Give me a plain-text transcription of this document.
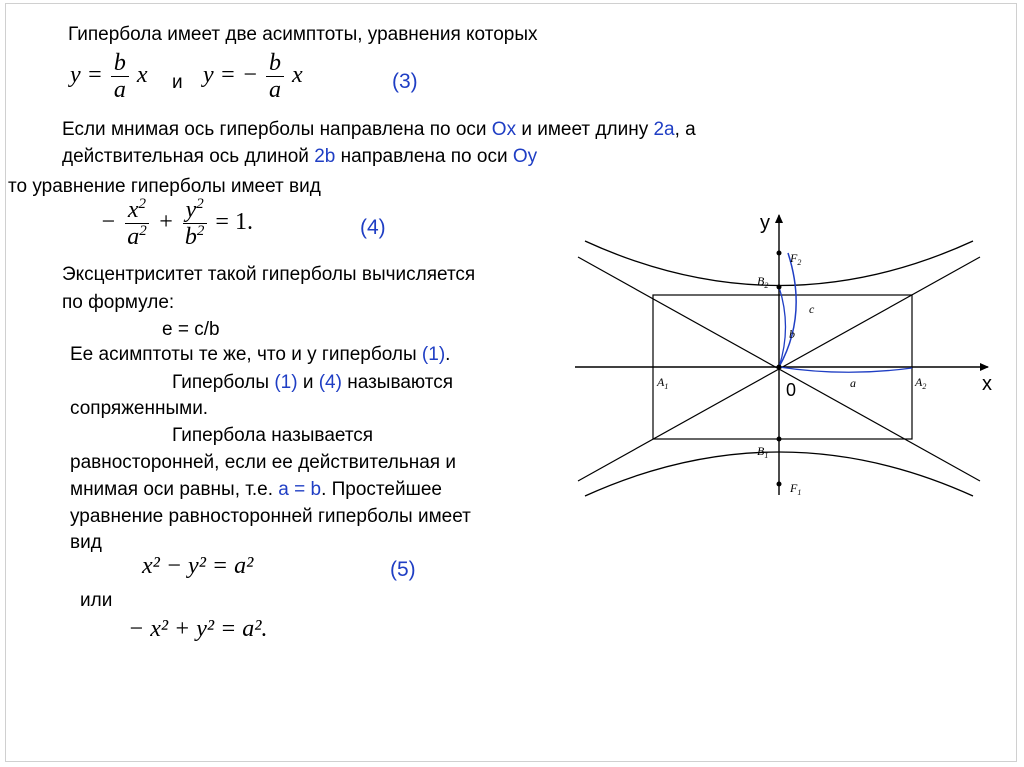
Гипербола имеет две асимптоты, уравнения которых

$y = \frac{b}{a}$ x и y = − $\frac{b}{a}$ x	(3)

Если мнимая ось гиперболы направлена по оси Ox и имеет длину 2a, а

действительная ось длиной 2b направлена по оси Oy

то уравнение гиперболы имеет вид

− $\frac{x^2}{a^2} + \frac{y^2}{b^2} = 1$.	(4)

Эксцентриситет такой гиперболы вычисляется

по формуле:

e = c/b

Ее асимптоты те же, что и у гиперболы (1).

Гиперболы (1) и (4) называются

сопряженными.

Гипербола называется

равносторонней, если ее действительная и

мнимая оси равны, т.е. a = b. Простейшее

уравнение равносторонней гиперболы имеет

вид

x² − y² = a²	(5)

или

− x² + y² = a².
y
x
0
$F_2$
$B_2$
c
b
a
$A_1$	$A_2$
$B_1$
$F_1$
